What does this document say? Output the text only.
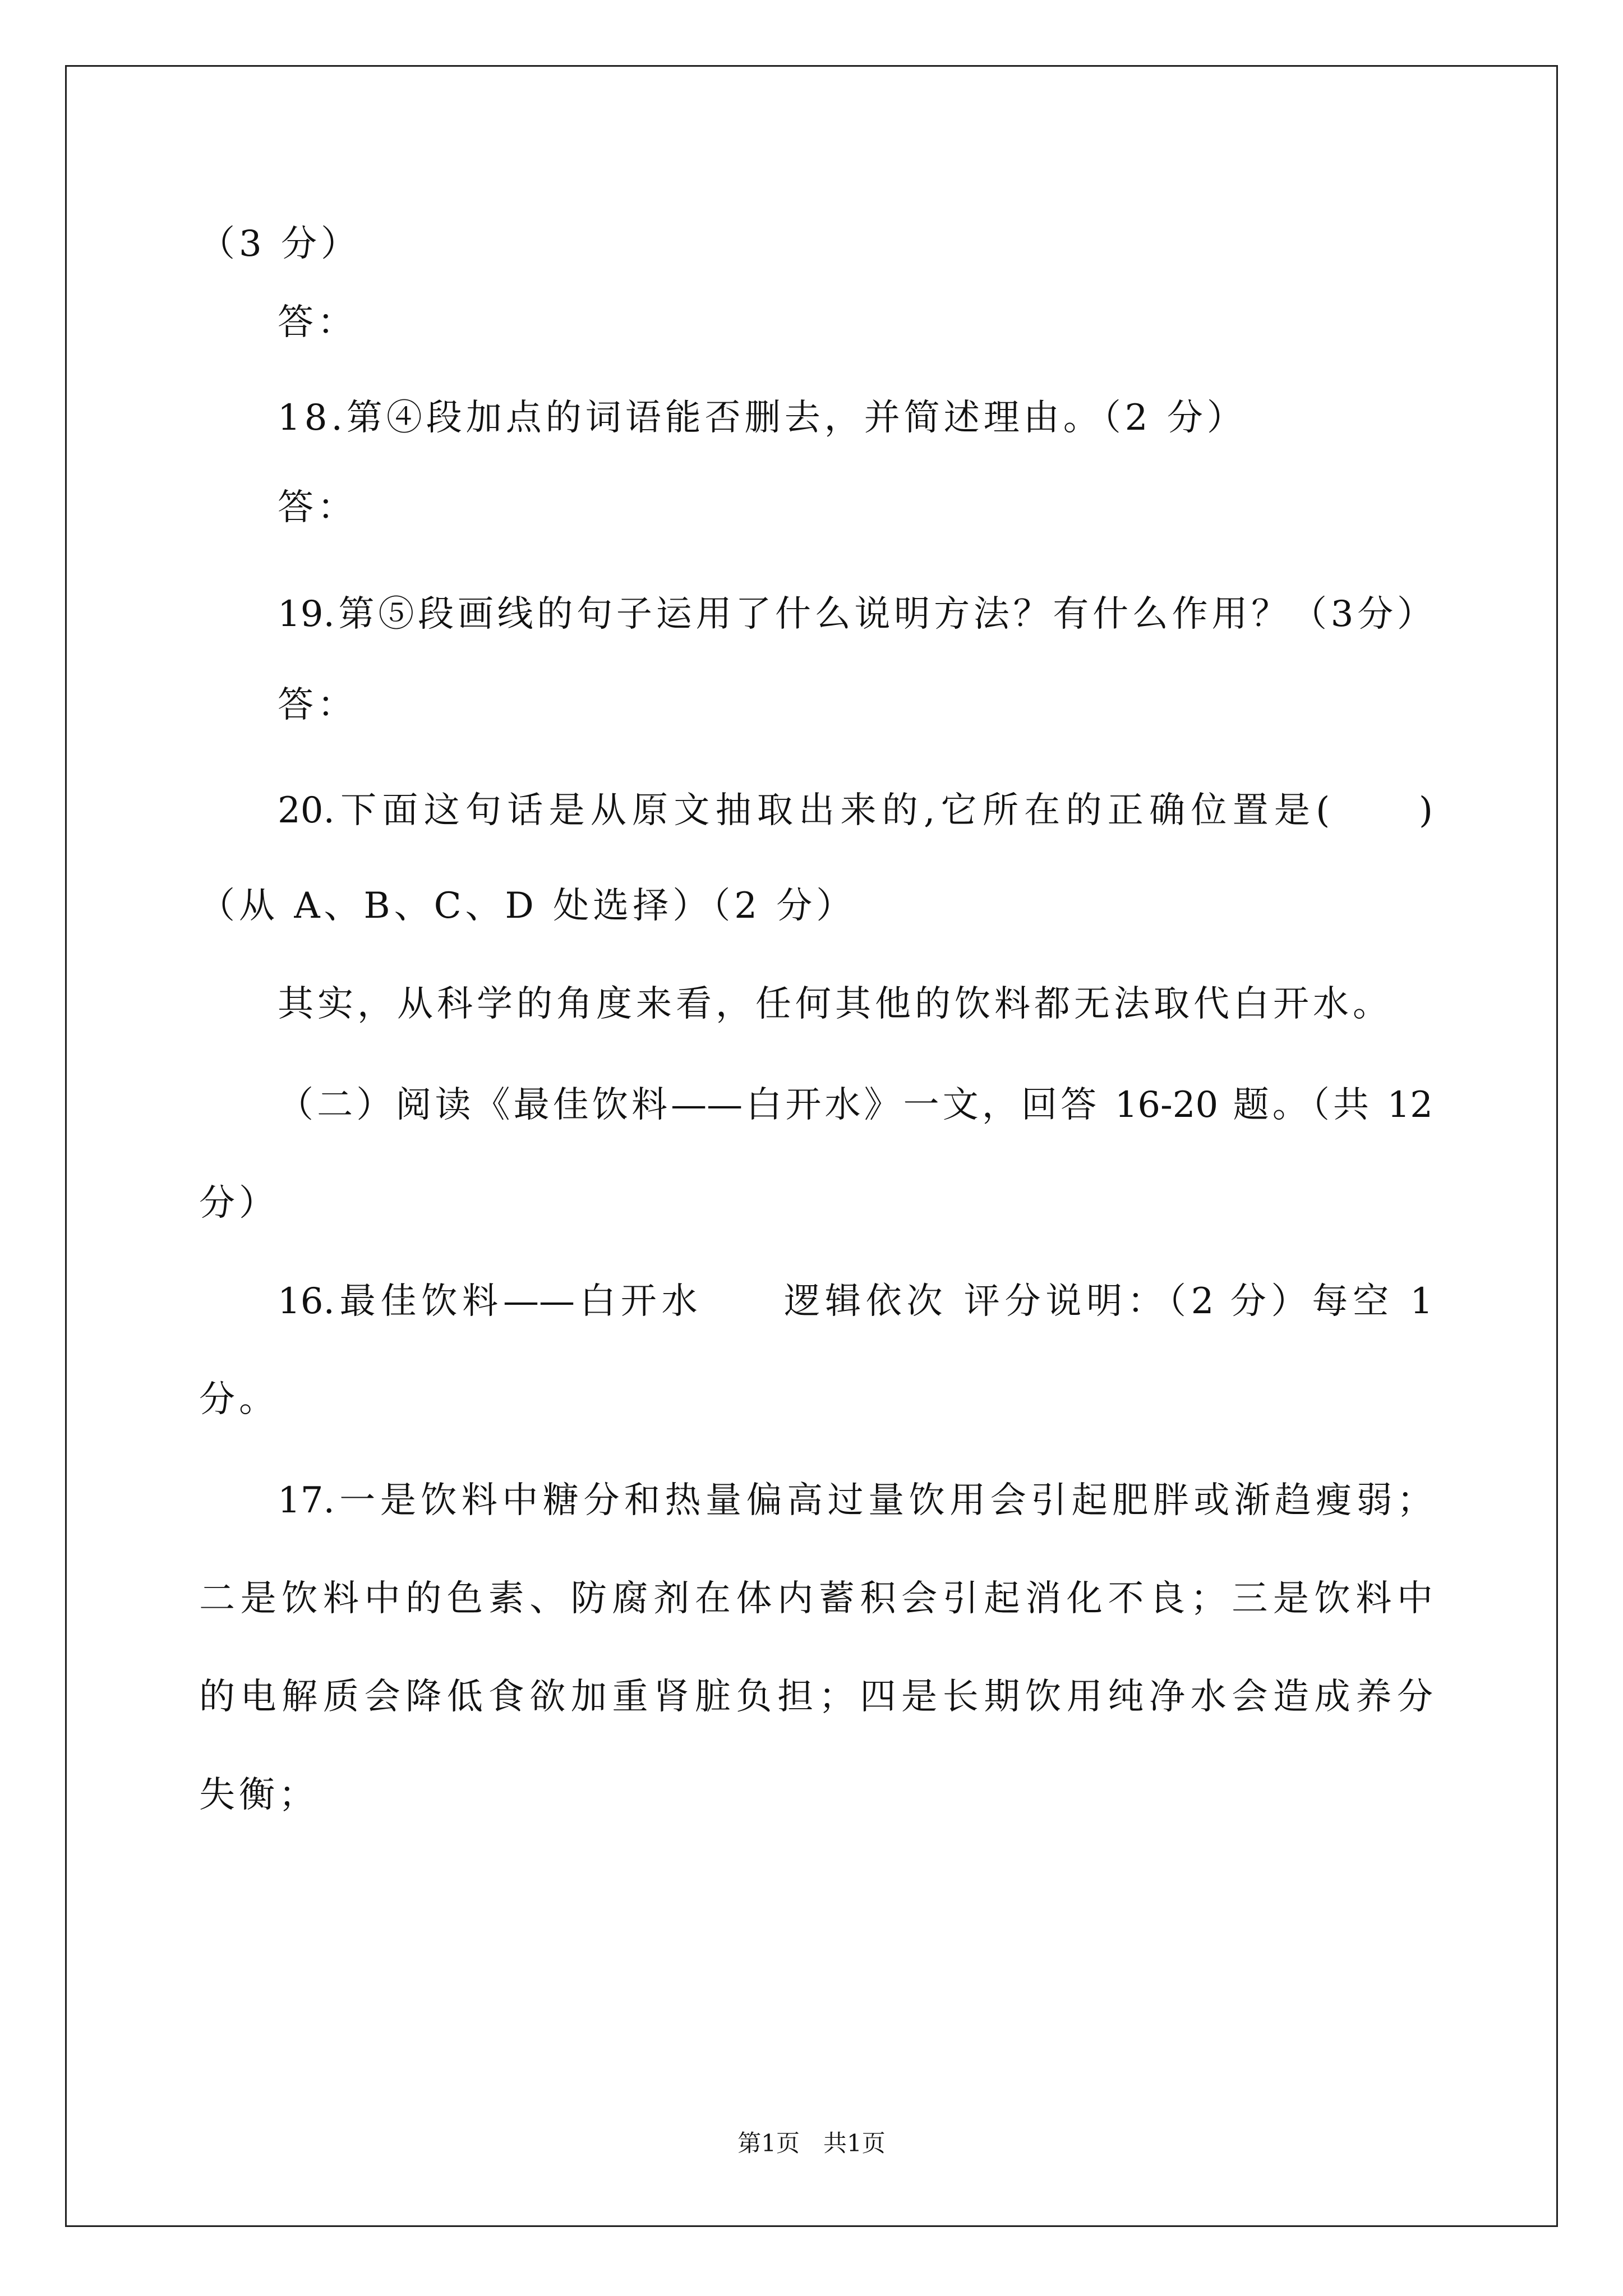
（3 分）
答：
18.第④段加点的词语能否删去，并简述理由。（2 分）
答：
19.第⑤段画线的句子运用了什么说明方法？有什么作用？（3分）
答：
20.下面这句话是从原文抽取出来的,它所在的正确位置是(　　)
（从 A、B、C、D 处选择）（2 分）
其实，从科学的角度来看，任何其他的饮料都无法取代白开水。
（二）阅读《最佳饮料——白开水》一文，回答 16-20 题。（共 12
分）
16.最佳饮料——白开水　　逻辑依次 评分说明：（2 分）每空 1
分。
17.一是饮料中糖分和热量偏高过量饮用会引起肥胖或渐趋瘦弱；
二是饮料中的色素、防腐剂在体内蓄积会引起消化不良；三是饮料中
的电解质会降低食欲加重肾脏负担；四是长期饮用纯净水会造成养分
失衡；
第1页　共1页
